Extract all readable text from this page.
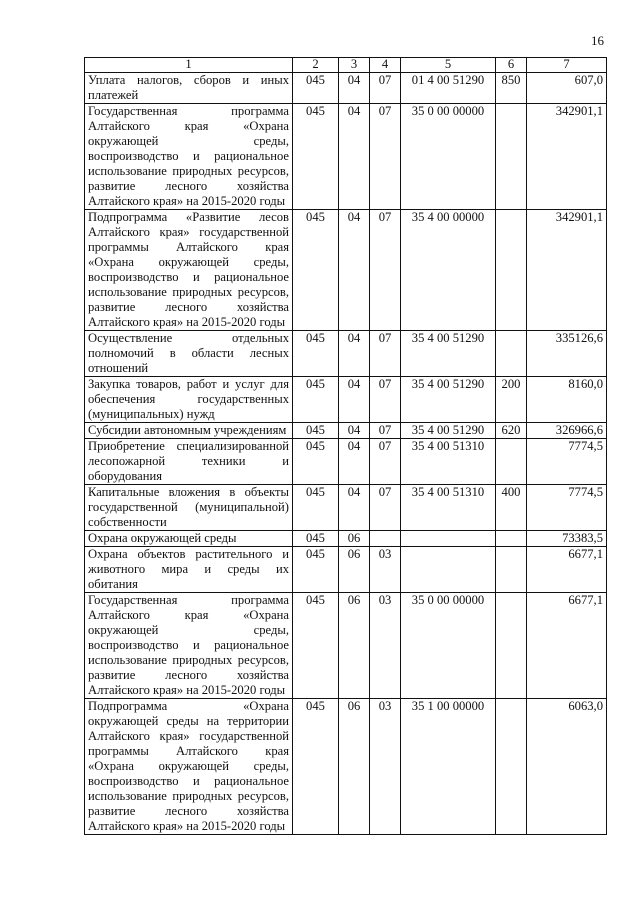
16
1	2	3	4	5	6	7
Уплата налогов, сборов и иных платежей	045	04	07	01 4 00 51290	850	607,0
Государственная программа Алтайского края «Охрана окружающей среды, воспроизводство и рациональное использование природных ресурсов, развитие лесного хозяйства Алтайского края» на 2015-2020 годы	045	04	07	35 0 00 00000		342901,1
Подпрограмма «Развитие лесов Алтайского края» государственной программы Алтайского края «Охрана окружающей среды, воспроизводство и рациональное использование природных ресурсов, развитие лесного хозяйства Алтайского края» на 2015-2020 годы	045	04	07	35 4 00 00000		342901,1
Осуществление отдельных полномочий в области лесных отношений	045	04	07	35 4 00 51290		335126,6
Закупка товаров, работ и услуг для обеспечения государственных (муниципальных) нужд	045	04	07	35 4 00 51290	200	8160,0
Субсидии автономным учреждениям	045	04	07	35 4 00 51290	620	326966,6
Приобретение специализированной лесопожарной техники и оборудования	045	04	07	35 4 00 51310		7774,5
Капитальные вложения в объекты государственной (муниципальной) собственности	045	04	07	35 4 00 51310	400	7774,5
Охрана окружающей среды	045	06				73383,5
Охрана объектов растительного и животного мира и среды их обитания	045	06	03			6677,1
Государственная программа Алтайского края «Охрана окружающей среды, воспроизводство и рациональное использование природных ресурсов, развитие лесного хозяйства Алтайского края» на 2015-2020 годы	045	06	03	35 0 00 00000		6677,1
Подпрограмма «Охрана окружающей среды на территории Алтайского края» государственной программы Алтайского края «Охрана окружающей среды, воспроизводство и рациональное использование природных ресурсов, развитие лесного хозяйства Алтайского края» на 2015-2020 годы	045	06	03	35 1 00 00000		6063,0
